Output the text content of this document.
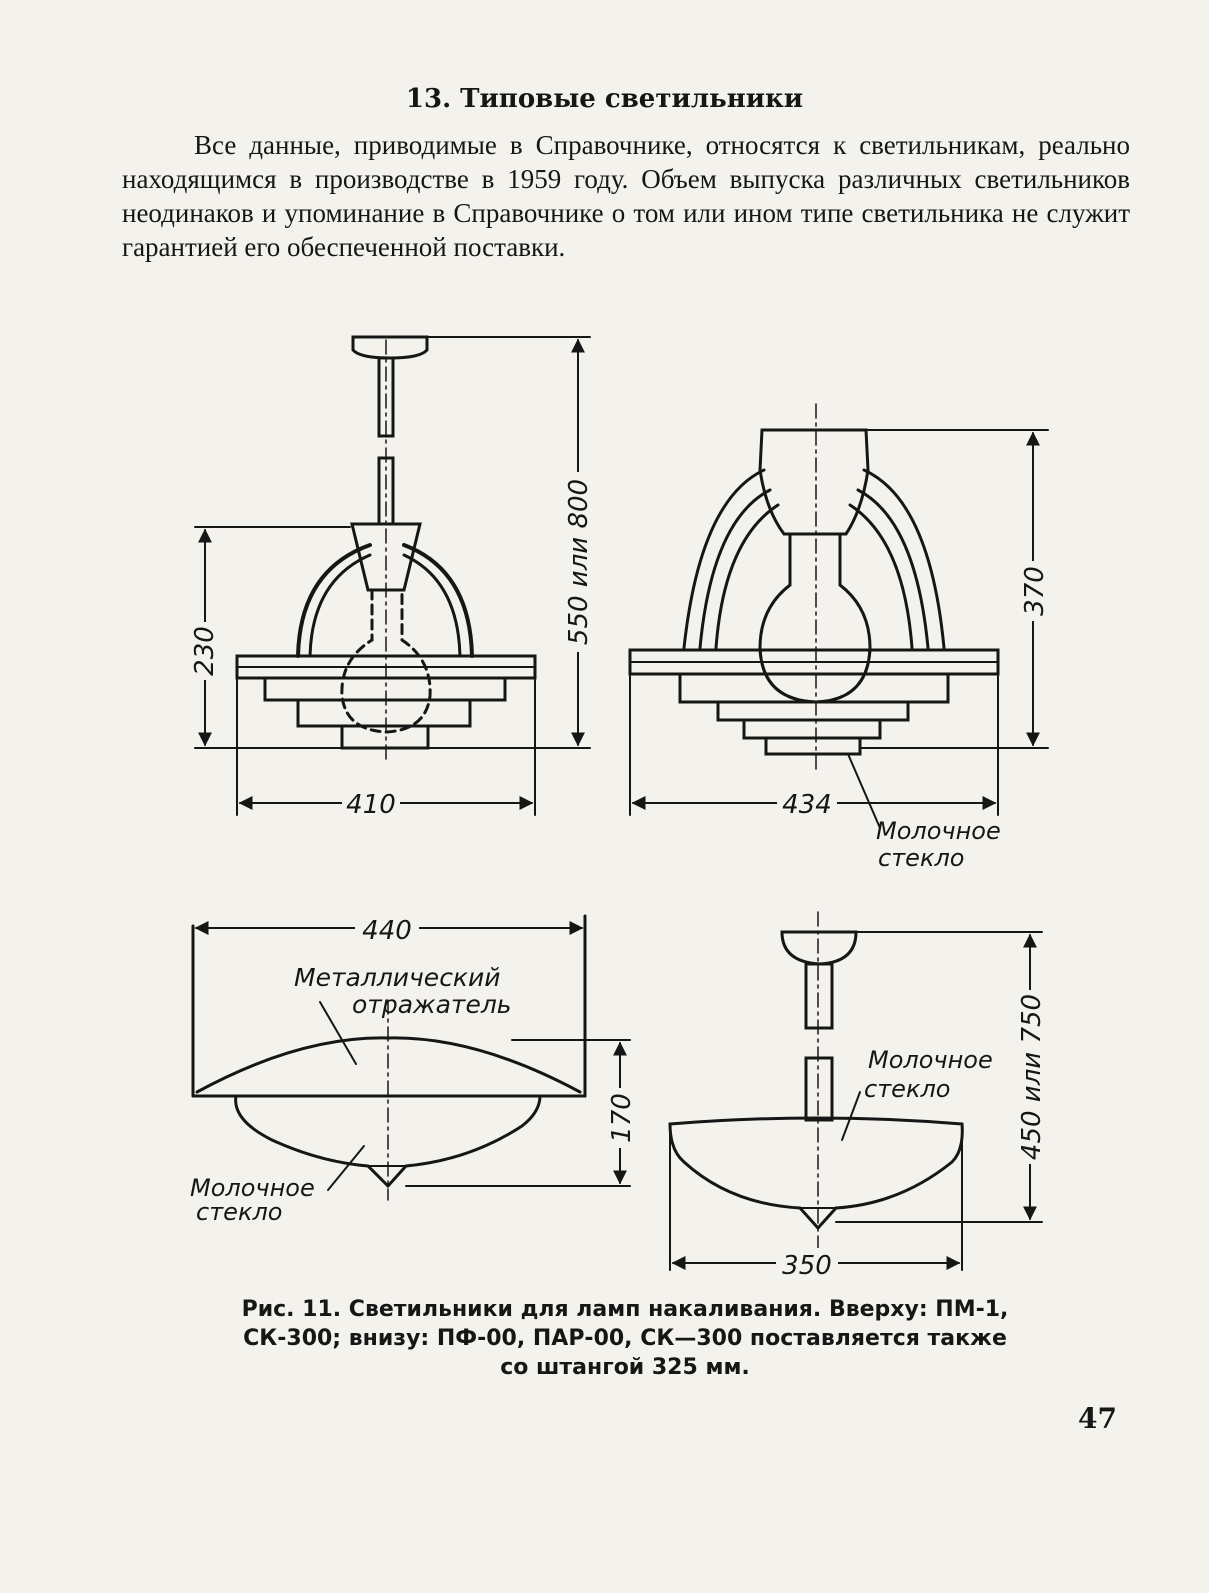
13. Типовые светильники
Все данные, приводимые в Справочнике, относятся к светильникам, реально находящимся в производстве в 1959 году. Объем выпуска различных светильников неодинаков и упоминание в Справочнике о том или ином типе светильника не служит гарантией его обеспеченной поставки.
230
550 или 800
410
370
434
Молочное
стекло
440
Металлический
отражатель
Молочное
стекло
170
Молочное
стекло	450 или 750
350
Рис. 11. Светильники для ламп накаливания. Вверху: ПМ-1,
СК-300; внизу: ПФ-00, ПАР-00, СК—300 поставляется также
со штангой 325 мм.
47
